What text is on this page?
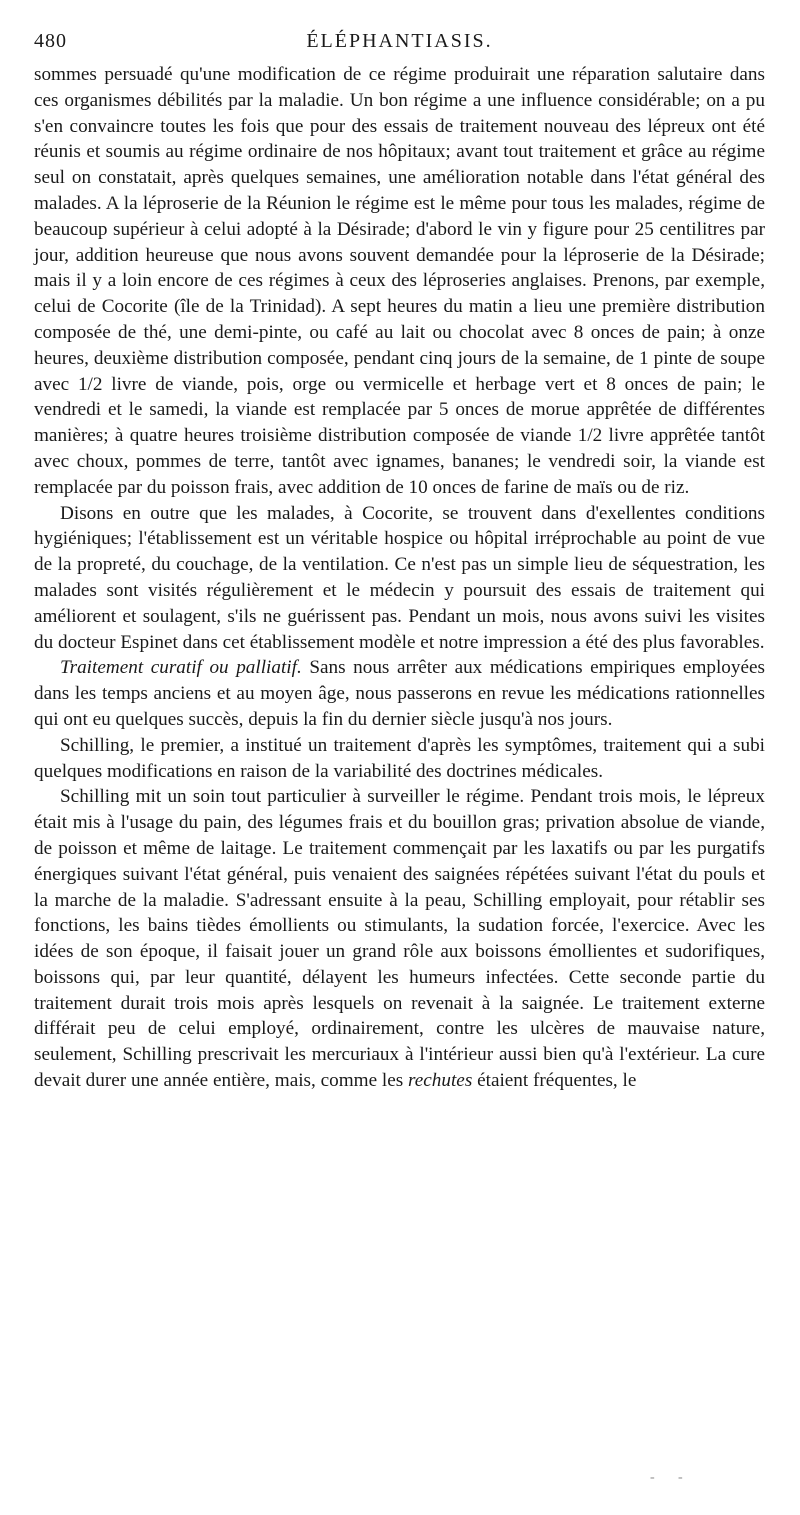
480	ÉLÉPHANTIASIS.

sommes persuadé qu'une modification de ce régime produirait une réparation salutaire dans ces organismes débilités par la maladie. Un bon régime a une influence considérable; on a pu s'en convaincre toutes les fois que pour des essais de traitement nouveau des lépreux ont été réunis et soumis au régime ordinaire de nos hôpitaux; avant tout traitement et grâce au régime seul on constatait, après quelques semaines, une amélioration notable dans l'état général des malades. A la léproserie de la Réunion le régime est le même pour tous les malades, régime de beaucoup supérieur à celui adopté à la Désirade; d'abord le vin y figure pour 25 centilitres par jour, addition heureuse que nous avons souvent demandée pour la léproserie de la Désirade; mais il y a loin encore de ces régimes à ceux des léproseries anglaises. Prenons, par exemple, celui de Cocorite (île de la Trinidad). A sept heures du matin a lieu une première distribution composée de thé, une demi-pinte, ou café au lait ou chocolat avec 8 onces de pain; à onze heures, deuxième distribution composée, pendant cinq jours de la semaine, de 1 pinte de soupe avec 1/2 livre de viande, pois, orge ou vermicelle et herbage vert et 8 onces de pain; le vendredi et le samedi, la viande est remplacée par 5 onces de morue apprêtée de différentes manières; à quatre heures troisième distribution composée de viande 1/2 livre apprêtée tantôt avec choux, pommes de terre, tantôt avec ignames, bananes; le vendredi soir, la viande est remplacée par du poisson frais, avec addition de 10 onces de farine de maïs ou de riz.

Disons en outre que les malades, à Cocorite, se trouvent dans d'exellentes conditions hygiéniques; l'établissement est un véritable hospice ou hôpital irréprochable au point de vue de la propreté, du couchage, de la ventilation. Ce n'est pas un simple lieu de séquestration, les malades sont visités régulièrement et le médecin y poursuit des essais de traitement qui améliorent et soulagent, s'ils ne guérissent pas. Pendant un mois, nous avons suivi les visites du docteur Espinet dans cet établissement modèle et notre impression a été des plus favorables.

Traitement curatif ou palliatif. Sans nous arrêter aux médications empiriques employées dans les temps anciens et au moyen âge, nous passerons en revue les médications rationnelles qui ont eu quelques succès, depuis la fin du dernier siècle jusqu'à nos jours.

Schilling, le premier, a institué un traitement d'après les symptômes, traitement qui a subi quelques modifications en raison de la variabilité des doctrines médicales.

Schilling mit un soin tout particulier à surveiller le régime. Pendant trois mois, le lépreux était mis à l'usage du pain, des légumes frais et du bouillon gras; privation absolue de viande, de poisson et même de laitage. Le traitement commençait par les laxatifs ou par les purgatifs énergiques suivant l'état général, puis venaient des saignées répétées suivant l'état du pouls et la marche de la maladie. S'adressant ensuite à la peau, Schilling employait, pour rétablir ses fonctions, les bains tièdes émollients ou stimulants, la sudation forcée, l'exercice. Avec les idées de son époque, il faisait jouer un grand rôle aux boissons émollientes et sudorifiques, boissons qui, par leur quantité, délayent les humeurs infectées. Cette seconde partie du traitement durait trois mois après lesquels on revenait à la saignée. Le traitement externe différait peu de celui employé, ordinairement, contre les ulcères de mauvaise nature, seulement, Schilling prescrivait les mercuriaux à l'intérieur aussi bien qu'à l'extérieur. La cure devait durer une année entière, mais, comme les rechutes étaient fréquentes, le

- -
